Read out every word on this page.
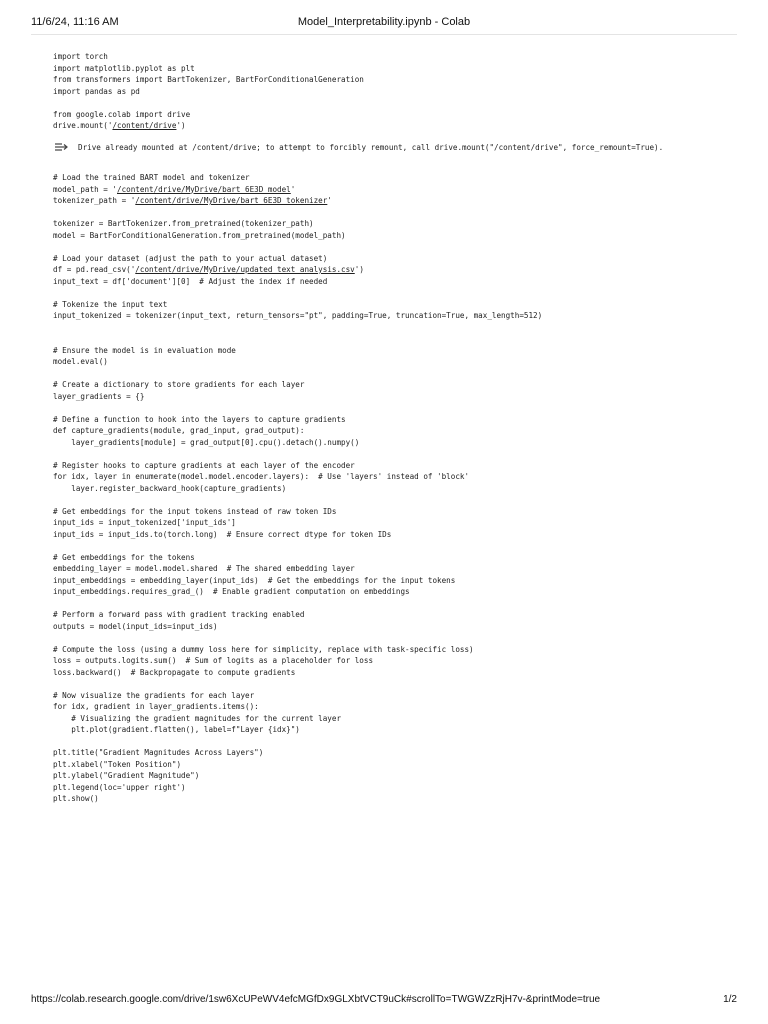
11/6/24, 11:16 AM	Model_Interpretability.ipynb - Colab
import torch
import matplotlib.pyplot as plt
from transformers import BartTokenizer, BartForConditionalGeneration
import pandas as pd
from google.colab import drive
drive.mount('/content/drive')
Drive already mounted at /content/drive; to attempt to forcibly remount, call drive.mount("/content/drive", force_remount=True).
# Load the trained BART model and tokenizer
model_path = '/content/drive/MyDrive/bart_6E3D_model'
tokenizer_path = '/content/drive/MyDrive/bart_6E3D_tokenizer'
tokenizer = BartTokenizer.from_pretrained(tokenizer_path)
model = BartForConditionalGeneration.from_pretrained(model_path)
# Load your dataset (adjust the path to your actual dataset)
df = pd.read_csv('/content/drive/MyDrive/updated_text_analysis.csv')
input_text = df['document'][0]  # Adjust the index if needed
# Tokenize the input text
input_tokenized = tokenizer(input_text, return_tensors="pt", padding=True, truncation=True, max_length=512)
# Ensure the model is in evaluation mode
model.eval()
# Create a dictionary to store gradients for each layer
layer_gradients = {}
# Define a function to hook into the layers to capture gradients
def capture_gradients(module, grad_input, grad_output):
layer_gradients[module] = grad_output[0].cpu().detach().numpy()
# Register hooks to capture gradients at each layer of the encoder
for idx, layer in enumerate(model.model.encoder.layers):  # Use 'layers' instead of 'block'
layer.register_backward_hook(capture_gradients)
# Get embeddings for the input tokens instead of raw token IDs
input_ids = input_tokenized['input_ids']
input_ids = input_ids.to(torch.long)  # Ensure correct dtype for token IDs
# Get embeddings for the tokens
embedding_layer = model.model.shared  # The shared embedding layer
input_embeddings = embedding_layer(input_ids)  # Get the embeddings for the input tokens
input_embeddings.requires_grad_()  # Enable gradient computation on embeddings
# Perform a forward pass with gradient tracking enabled
outputs = model(input_ids=input_ids)
# Compute the loss (using a dummy loss here for simplicity, replace with task-specific loss)
loss = outputs.logits.sum()  # Sum of logits as a placeholder for loss
loss.backward()  # Backpropagate to compute gradients
# Now visualize the gradients for each layer
for idx, gradient in layer_gradients.items():
# Visualizing the gradient magnitudes for the current layer
plt.plot(gradient.flatten(), label=f"Layer {idx}")
plt.title("Gradient Magnitudes Across Layers")
plt.xlabel("Token Position")
plt.ylabel("Gradient Magnitude")
plt.legend(loc='upper right')
plt.show()
https://colab.research.google.com/drive/1sw6XcUPeWV4efcMGfDx9GLXbtVCT9uCk#scrollTo=TWGWZzRjH7v-&printMode=true	1/2
